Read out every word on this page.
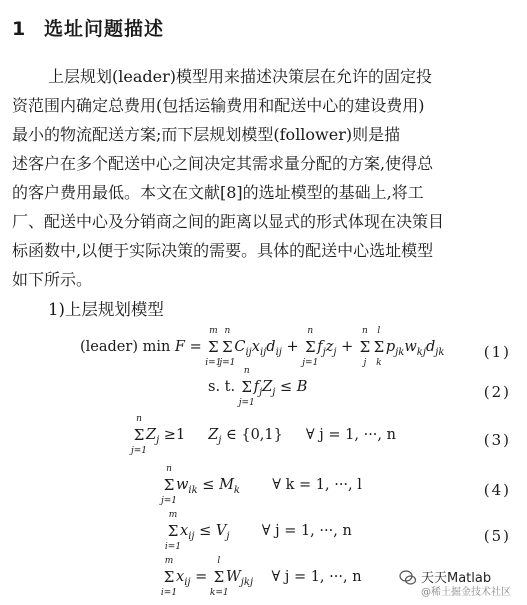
1 选址问题描述
上层规划(leader)模型用来描述决策层在允许的固定投
资范围内确定总费用(包括运输费用和配送中心的建设费用)
最小的物流配送方案;而下层规划模型(follower)则是描
述客户在多个配送中心之间决定其需求量分配的方案,使得总
的客户费用最低。本文在文献[8]的选址模型的基础上,将工
厂、配送中心及分销商之间的距离以显式的形式体现在决策目
标函数中,以便于实际决策的需要。具体的配送中心选址模型
如下所示。
1)上层规划模型
(leader) min F =
m
Σ
i=1
n
Σ
j=1
$C_{ij}x_{ij}d_{ij}$ +
n
Σ
j=1
$f_jz_j$ +
n
Σ
j
l
Σ
k
$p_{jk}w_{kj}d_{jk}$	(1)
s. t.
n
Σ
j=1
$f_jZ_j \le B$	(2)
n
Σ
j=1
$Z_j \ge 1$     $Z_j$ ∈ {0,1} ∀ j = 1, ···, n	(3)
n
Σ
j=1
$w_{ik} \le M_k$ ∀ k = 1, ···, l	(4)
m
Σ
i=1
$x_{ij} \le V_j$ ∀ j = 1, ···, n	(5)
m
Σ
i=1
$x_{ij}$ =
l
Σ
k=1
$W_{jkj}$ ∀ j = 1, ···, n	天天Matlab
@稀土掘金技术社区
